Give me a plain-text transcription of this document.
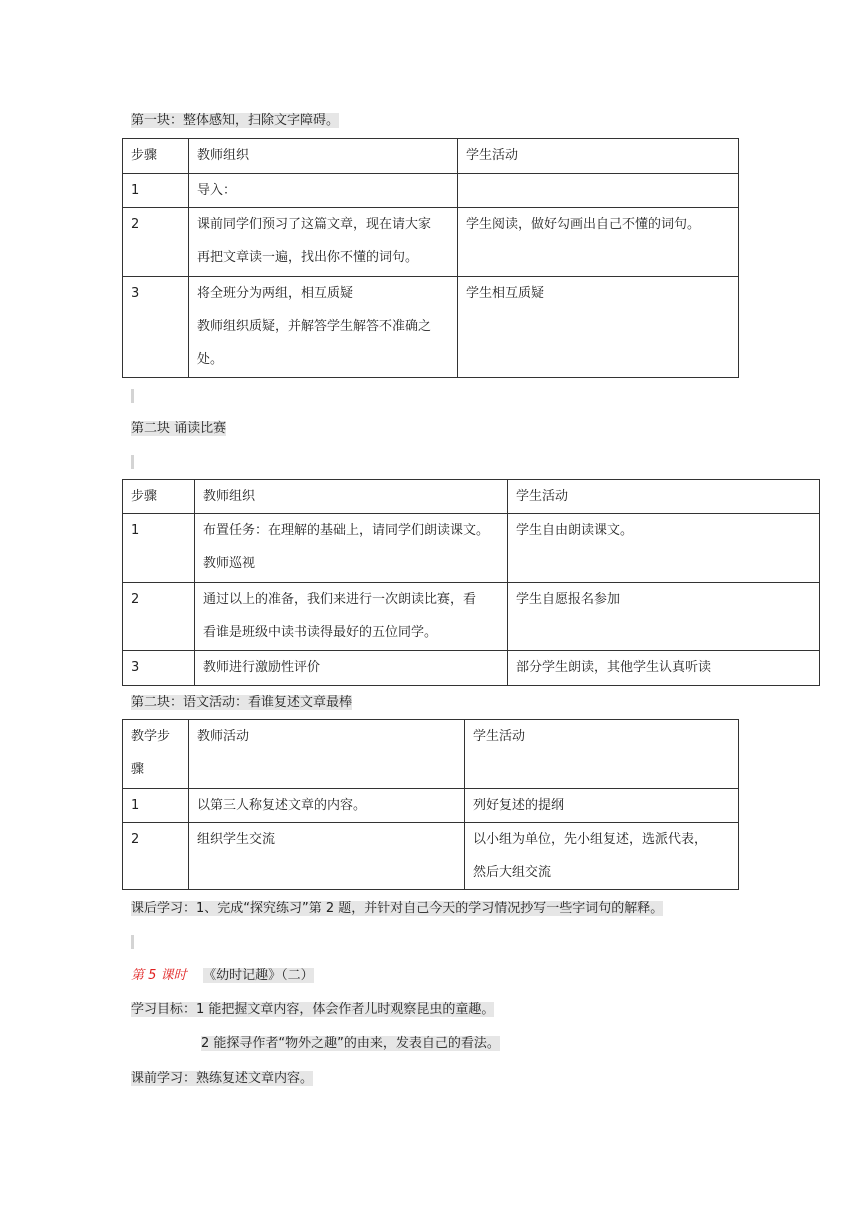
第一块：整体感知，扫除文字障碍。
步骤	教师组织	学生活动
1	导入：	

2	课前同学们预习了这篇文章，现在请大家
再把文章读一遍，找出你不懂的词句。	学生阅读，做好勾画出自己不懂的词句。

3	将全班分为两组，相互质疑
教师组织质疑，并解答学生解答不准确之
处。	学生相互质疑
第二块 诵读比赛
步骤	教师组织	学生活动
1	布置任务：在理解的基础上，请同学们朗读课文。
教师巡视	学生自由朗读课文。

2	通过以上的准备，我们来进行一次朗读比赛，看
看谁是班级中读书读得最好的五位同学。	学生自愿报名参加

3	教师进行激励性评价	部分学生朗读，其他学生认真听读
第二块：语文活动：看谁复述文章最棒
教学步
骤	教师活动	学生活动
1	以第三人称复述文章的内容。	列好复述的提纲

2	组织学生交流	以小组为单位，先小组复述，选派代表，
然后大组交流
课后学习：1、完成“探究练习”第 2 题，并针对自己今天的学习情况抄写一些字词句的解释。
第 5 课时 《幼时记趣》（二）
学习目标：1 能把握文章内容，体会作者儿时观察昆虫的童趣。
2 能探寻作者“物外之趣”的由来，发表自己的看法。
课前学习：熟练复述文章内容。
